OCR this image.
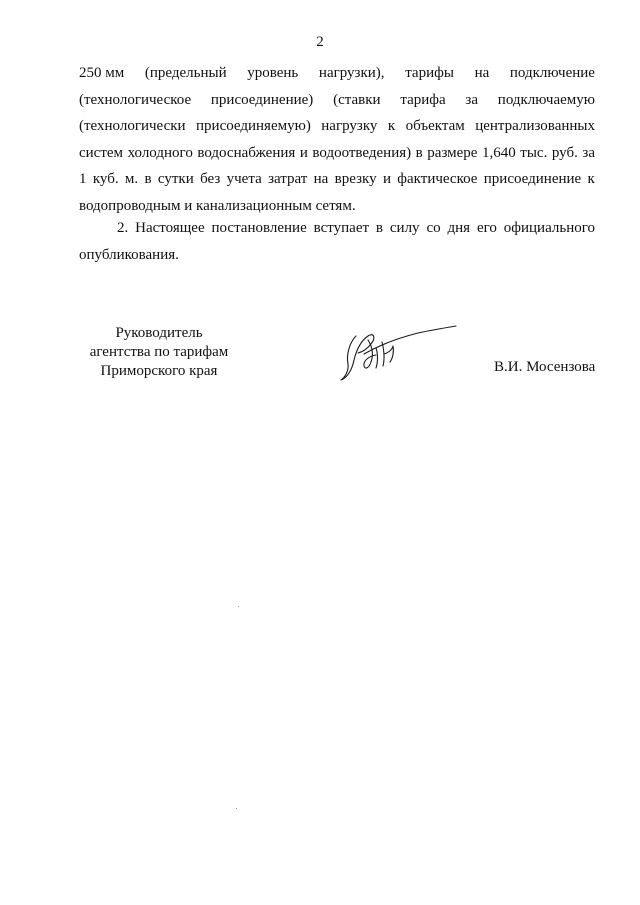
2
250 мм (предельный уровень нагрузки), тарифы на подключение
(технологическое присоединение) (ставки тарифа за подключаемую
(технологически присоединяемую) нагрузку к объектам централизованных
систем холодного водоснабжения и водоотведения) в размере 1,640 тыс. руб. за
1 куб. м. в сутки без учета затрат на врезку и фактическое присоединение к
водопроводным и канализационным сетям.
2. Настоящее постановление вступает в силу со дня его официального опубликования.
Руководитель
агентства по тарифам
Приморского края	В.И. Мосензова
